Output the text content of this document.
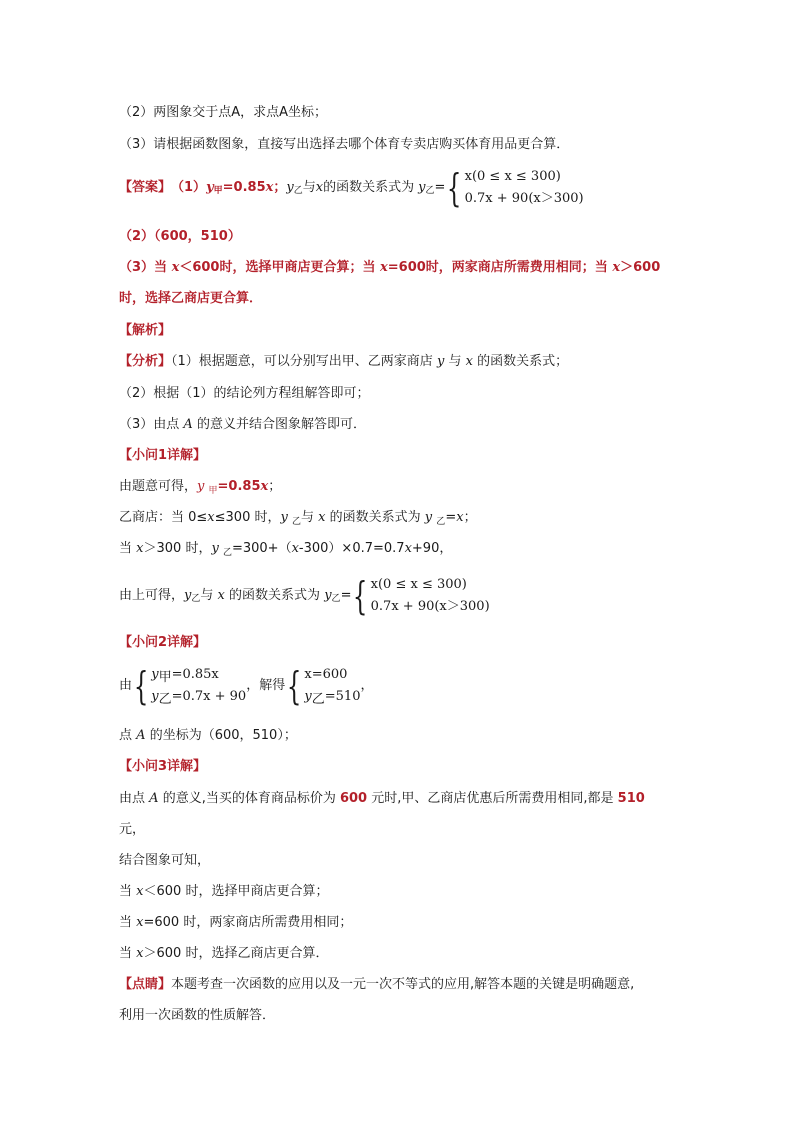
（2）两图象交于点A，求点A坐标；
（3）请根据函数图象，直接写出选择去哪个体育专卖店购买体育用品更合算．
【答案】 （1） y 甲 =0.85 x ； y 乙 与 x 的函数关系式为 y 乙 = { x(0 ≤ x ≤ 300)
0.7x + 90(x＞300)
（2）（600，510）
（3）当 x＜600时，选择甲商店更合算；当 x=600时，两家商店所需费用相同；当 x＞600
时，选择乙商店更合算．
【解析】
【分析】（1）根据题意，可以分别写出甲、乙两家商店 y 与 x 的函数关系式；
（2）根据（1）的结论列方程组解答即可；
（3）由点 A 的意义并结合图象解答即可．
【小问1详解】
由题意可得，y $_甲$=0.85x；
乙商店：当 0≤x≤300 时，y $_乙$与 x 的函数关系式为 y $_乙$=x；
当 x＞300 时，y $_乙$=300+（x-300）×0.7=0.7x+90，
由上可得， y 乙 与
x
的函数关系式为
y 乙 = { x(0 ≤ x ≤ 300)
0.7x + 90(x＞300)
【小问2详解】
由 { y甲=0.85x
y乙=0.7x + 90
，解得 { x=600
y乙=510
，
点 A 的坐标为（600，510）；
【小问3详解】
由点 A 的意义,当买的体育商品标价为 600 元时,甲、乙商店优惠后所需费用相同,都是 510
元，
结合图象可知，
当 x＜600 时，选择甲商店更合算；
当 x=600 时，两家商店所需费用相同；
当 x＞600 时，选择乙商店更合算．
【点睛】本题考查一次函数的应用以及一元一次不等式的应用,解答本题的关键是明确题意,
利用一次函数的性质解答．
